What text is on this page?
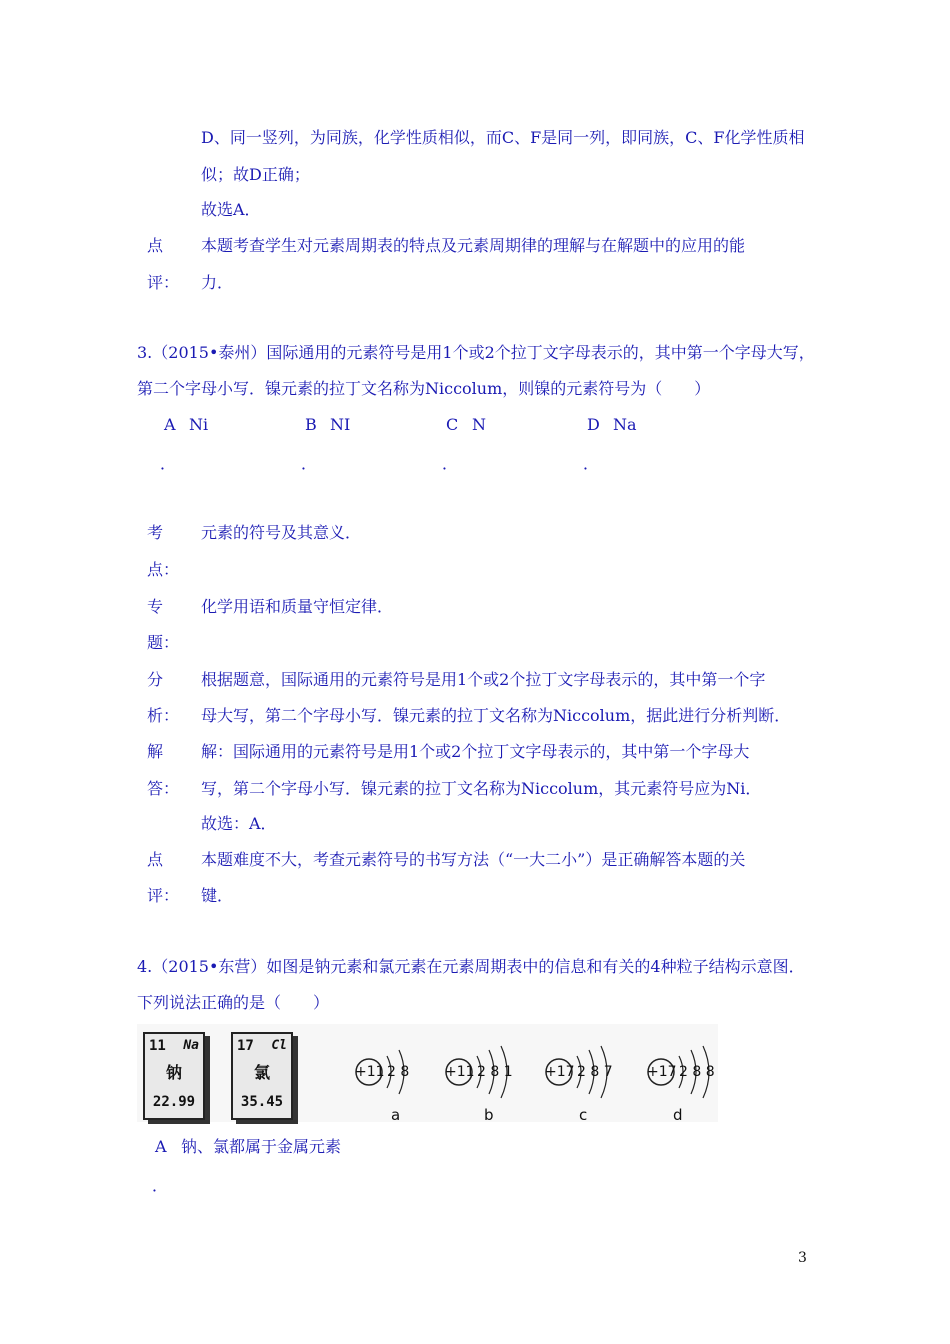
D、同一竖列，为同族，化学性质相似，而C、F是同一列，即同族，C、F化学性质相
似；故D正确；
故选A．
点
评：
本题考查学生对元素周期表的特点及元素周期律的理解与在解题中的应用的能
力．
3.（2015•泰州）国际通用的元素符号是用1个或2个拉丁文字母表示的，其中第一个字母大写，
第二个字母小写．镍元素的拉丁文名称为Niccolum，则镍的元素符号为（　　）
A Ni
．
B NI
．
C N
．
D Na
．
考
点：
元素的符号及其意义．
专
题：
化学用语和质量守恒定律．
分
析：
根据题意，国际通用的元素符号是用1个或2个拉丁文字母表示的，其中第一个字
母大写，第二个字母小写．镍元素的拉丁文名称为Niccolum，据此进行分析判断．
解
答：
解：国际通用的元素符号是用1个或2个拉丁文字母表示的，其中第一个字母大
写，第二个字母小写．镍元素的拉丁文名称为Niccolum，其元素符号应为Ni．
故选：A．
点
评：
本题难度不大，考查元素符号的书写方法（“一大二小”）是正确解答本题的关
键．
4.（2015•东营）如图是钠元素和氯元素在元素周期表中的信息和有关的4种粒子结构示意图．
下列说法正确的是（　　）
11 Na
钠
22.99
17 Cl
氯
35.45
+11 2 8
a
+11 2 8 1
b
+17 2 8 7
c
+17 2 8 8
d
A 钠、氯都属于金属元素
．
3
